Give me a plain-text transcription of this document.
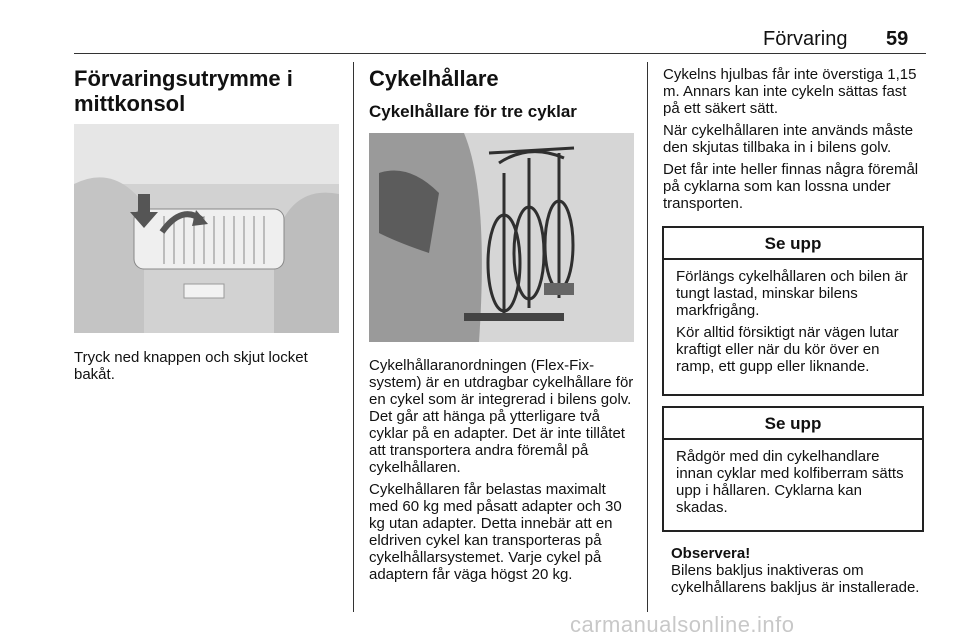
Förvaring 59
Förvaringsutrymme i mittkonsol
Tryck ned knappen och skjut locket bakåt.
Cykelhållare
Cykelhållare för tre cyklar

Cykelhållaranordningen (Flex-Fix-system) är en utdragbar cykelhållare för en cykel som är integrerad i bilens golv. Det går att hänga på ytterligare två cyklar på en adapter. Det är inte tillåtet att transportera andra föremål på cykelhållaren.

Cykelhållaren får belastas maximalt med 60 kg med påsatt adapter och 30 kg utan adapter. Detta innebär att en eldriven cykel kan transporteras på cykelhållarsystemet. Varje cykel på adaptern får väga högst 20 kg.

Cykelns hjulbas får inte överstiga 1,15 m. Annars kan inte cykeln sättas fast på ett säkert sätt.

När cykelhållaren inte används måste den skjutas tillbaka in i bilens golv.

Det får inte heller finnas några föremål på cyklarna som kan lossna under transporten.

Se upp

Förlängs cykelhållaren och bilen är tungt lastad, minskar bilens markfrigång.

Kör alltid försiktigt när vägen lutar kraftigt eller när du kör över en ramp, ett gupp eller liknande.

Se upp

Rådgör med din cykelhandlare innan cyklar med kolfiberram sätts upp i hållaren. Cyklarna kan skadas.

Observera!
Bilens bakljus inaktiveras om cykelhållarens bakljus är installerade.
carmanualsonline.info
